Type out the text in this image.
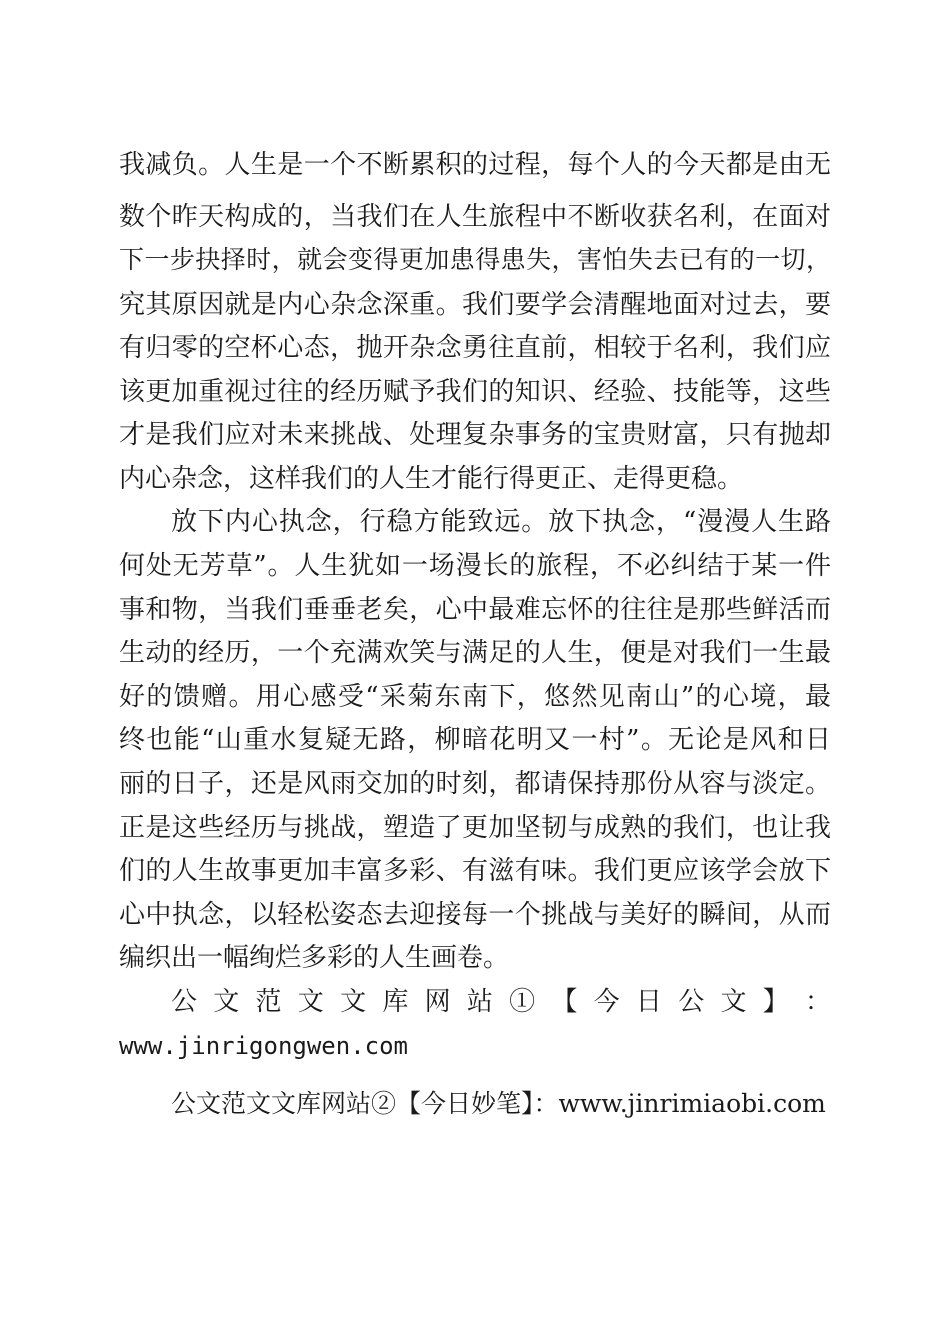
我减负。人生是一个不断累积的过程，每个人的今天都是由无
数个昨天构成的，当我们在人生旅程中不断收获名利，在面对
下一步抉择时，就会变得更加患得患失，害怕失去已有的一切，
究其原因就是内心杂念深重。我们要学会清醒地面对过去，要
有归零的空杯心态，抛开杂念勇往直前，相较于名利，我们应
该更加重视过往的经历赋予我们的知识、经验、技能等，这些
才是我们应对未来挑战、处理复杂事务的宝贵财富，只有抛却
内心杂念，这样我们的人生才能行得更正、走得更稳。
放下内心执念，行稳方能致远。放下执念，“漫漫人生路
何处无芳草”。人生犹如一场漫长的旅程，不必纠结于某一件
事和物，当我们垂垂老矣，心中最难忘怀的往往是那些鲜活而
生动的经历，一个充满欢笑与满足的人生，便是对我们一生最
好的馈赠。用心感受“采菊东南下，悠然见南山”的心境，最
终也能“山重水复疑无路，柳暗花明又一村”。无论是风和日
丽的日子，还是风雨交加的时刻，都请保持那份从容与淡定。
正是这些经历与挑战，塑造了更加坚韧与成熟的我们，也让我
们的人生故事更加丰富多彩、有滋有味。我们更应该学会放下
心中执念，以轻松姿态去迎接每一个挑战与美好的瞬间，从而
编织出一幅绚烂多彩的人生画卷。
公 文 范 文 文 库 网 站 ① 【 今 日 公 文 】 ：
www.jinrigongwen.com
公文范文文库网站②【今日妙笔】：www.jinrimiaobi.com
